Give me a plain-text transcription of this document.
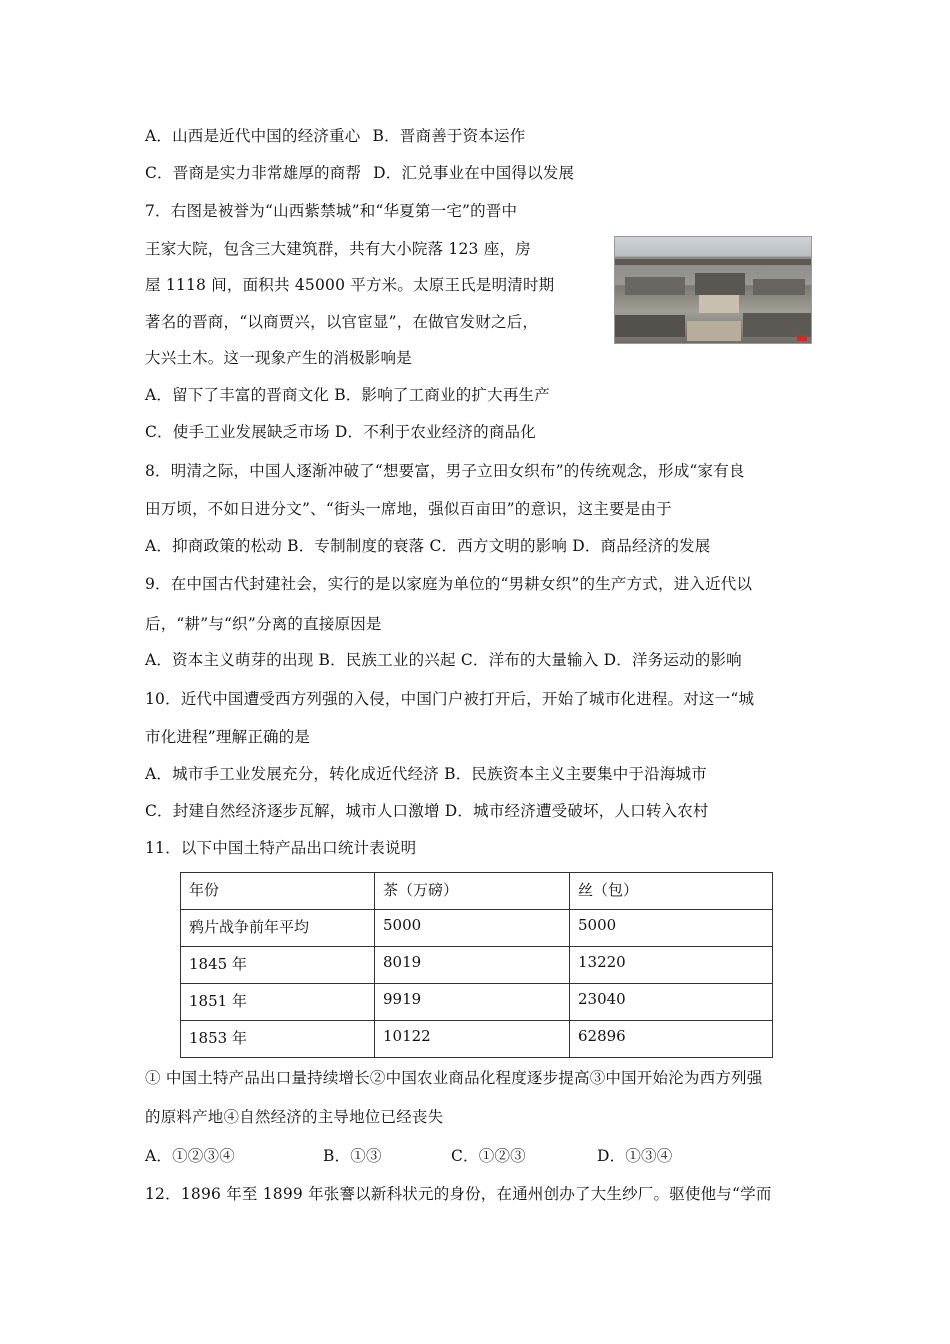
A．山西是近代中国的经济重心 B．晋商善于资本运作
C．晋商是实力非常雄厚的商帮 D．汇兑事业在中国得以发展
7．右图是被誉为“山西紫禁城”和“华夏第一宅”的晋中
王家大院，包含三大建筑群，共有大小院落 123 座，房
屋 1118 间，面积共 45000 平方米。太原王氏是明清时期
著名的晋商，“以商贾兴，以官宦显”，在做官发财之后，
大兴土木。这一现象产生的消极影响是
A．留下了丰富的晋商文化 B．影响了工商业的扩大再生产
C．使手工业发展缺乏市场 D．不利于农业经济的商品化
8．明清之际，中国人逐渐冲破了“想要富，男子立田女织布”的传统观念，形成“家有良
田万顷，不如日进分文”、“街头一席地，强似百亩田”的意识，这主要是由于
A．抑商政策的松动 B．专制制度的衰落 C．西方文明的影响 D．商品经济的发展
9．在中国古代封建社会，实行的是以家庭为单位的“男耕女织”的生产方式，进入近代以
后，“耕”与“织”分离的直接原因是
A．资本主义萌芽的出现 B．民族工业的兴起 C．洋布的大量输入 D．洋务运动的影响
10．近代中国遭受西方列强的入侵，中国门户被打开后，开始了城市化进程。对这一“城
市化进程”理解正确的是
A．城市手工业发展充分，转化成近代经济 B．民族资本主义主要集中于沿海城市
C．封建自然经济逐步瓦解，城市人口激增 D．城市经济遭受破坏，人口转入农村
11．以下中国土特产品出口统计表说明
年份	茶（万磅）	丝（包）
鸦片战争前年平均	5000	5000
1845 年	8019	13220
1851 年	9919	23040
1853 年	10122	62896
① 中国土特产品出口量持续增长②中国农业商品化程度逐步提高③中国开始沦为西方列强
的原料产地④自然经济的主导地位已经丧失
A．①②③④	B．①③	C．①②③	D．①③④
12．1896 年至 1899 年张謇以新科状元的身份，在通州创办了大生纱厂。驱使他与“学而
